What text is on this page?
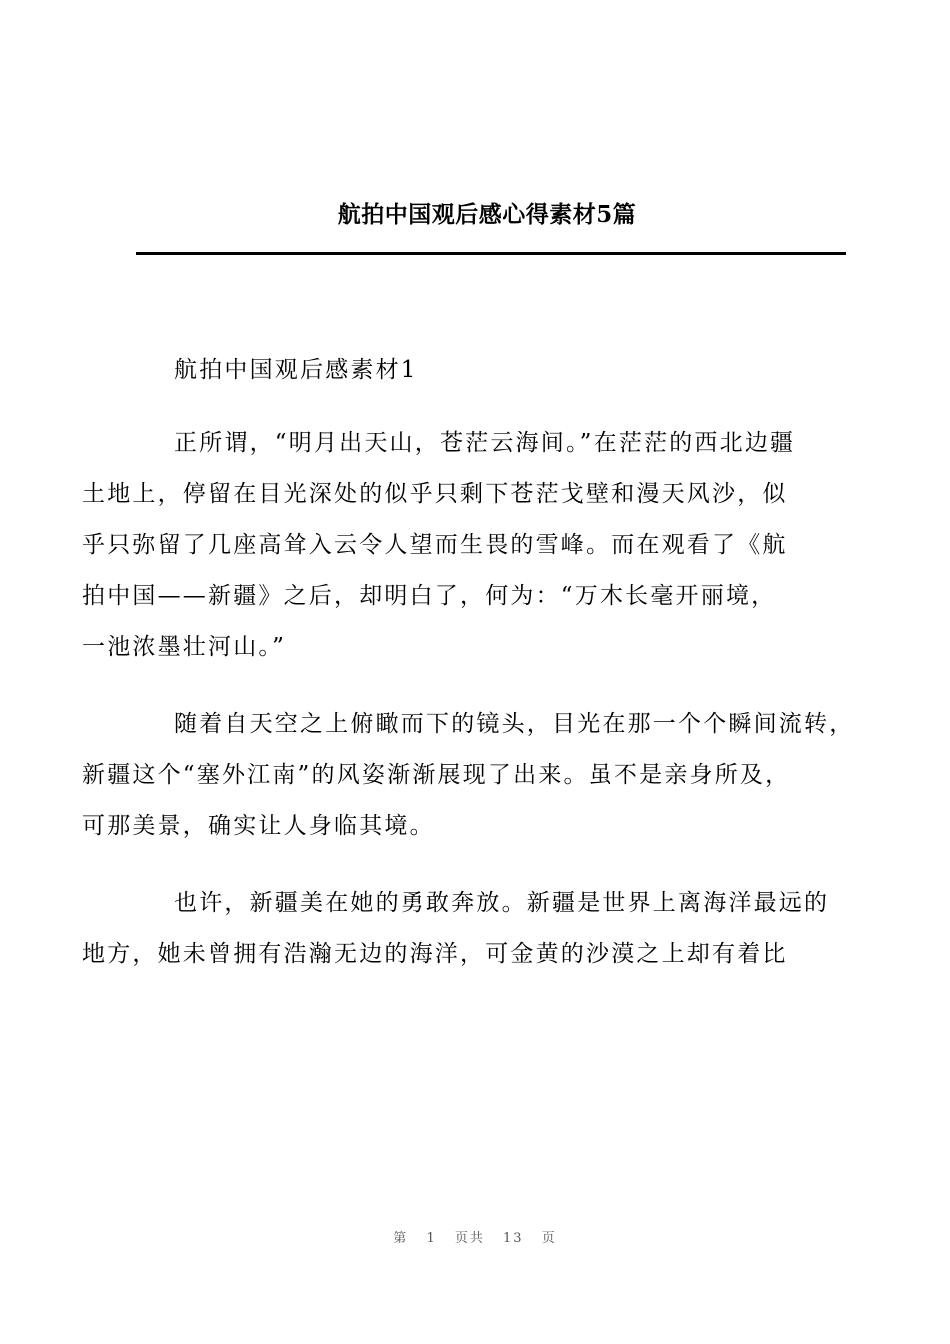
航拍中国观后感心得素材5篇

航拍中国观后感素材1

正所谓，“明月出天山，苍茫云海间。”在茫茫的西北边疆
土地上，停留在目光深处的似乎只剩下苍茫戈壁和漫天风沙，似
乎只弥留了几座高耸入云令人望而生畏的雪峰。而在观看了《航
拍中国——新疆》之后，却明白了，何为：“万木长毫开丽境，
一池浓墨壮河山。”

随着自天空之上俯瞰而下的镜头，目光在那一个个瞬间流转，
新疆这个“塞外江南”的风姿渐渐展现了出来。虽不是亲身所及，
可那美景，确实让人身临其境。

也许，新疆美在她的勇敢奔放。新疆是世界上离海洋最远的
地方，她未曾拥有浩瀚无边的海洋，可金黄的沙漠之上却有着比

第 1 页共 13 页
